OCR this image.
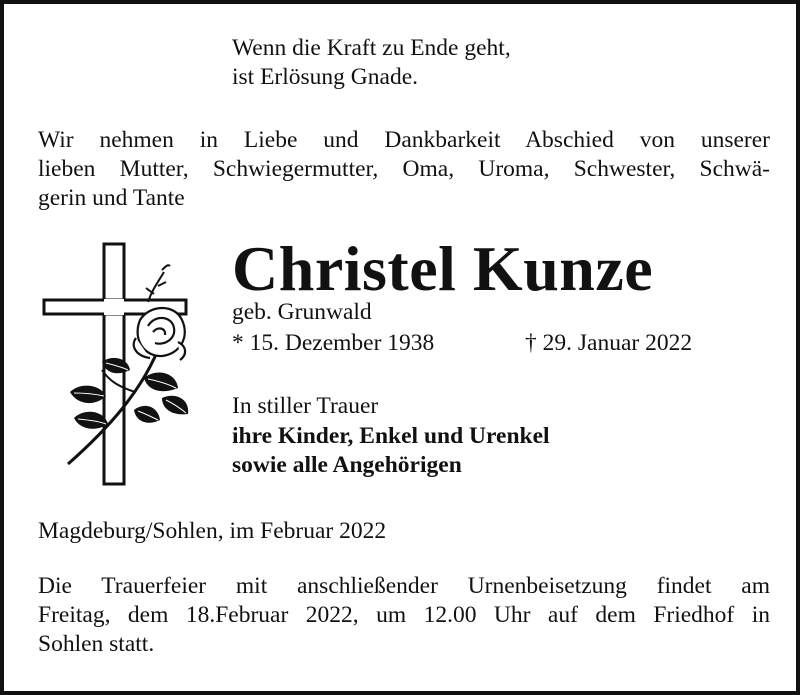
Wenn die Kraft zu Ende geht,
ist Erlösung Gnade.
Wir nehmen in Liebe und Dankbarkeit Abschied von unserer
lieben Mutter, Schwiegermutter, Oma, Uroma, Schwester, Schwä-
gerin und Tante
Christel Kunze
geb. Grunwald
* 15. Dezember 1938	† 29. Januar 2022
In stiller Trauer
ihre Kinder, Enkel und Urenkel
sowie alle Angehörigen
Magdeburg/Sohlen, im Februar 2022
Die Trauerfeier mit anschließender Urnenbeisetzung findet am
Freitag, dem 18.Februar 2022, um 12.00 Uhr auf dem Friedhof in
Sohlen statt.
